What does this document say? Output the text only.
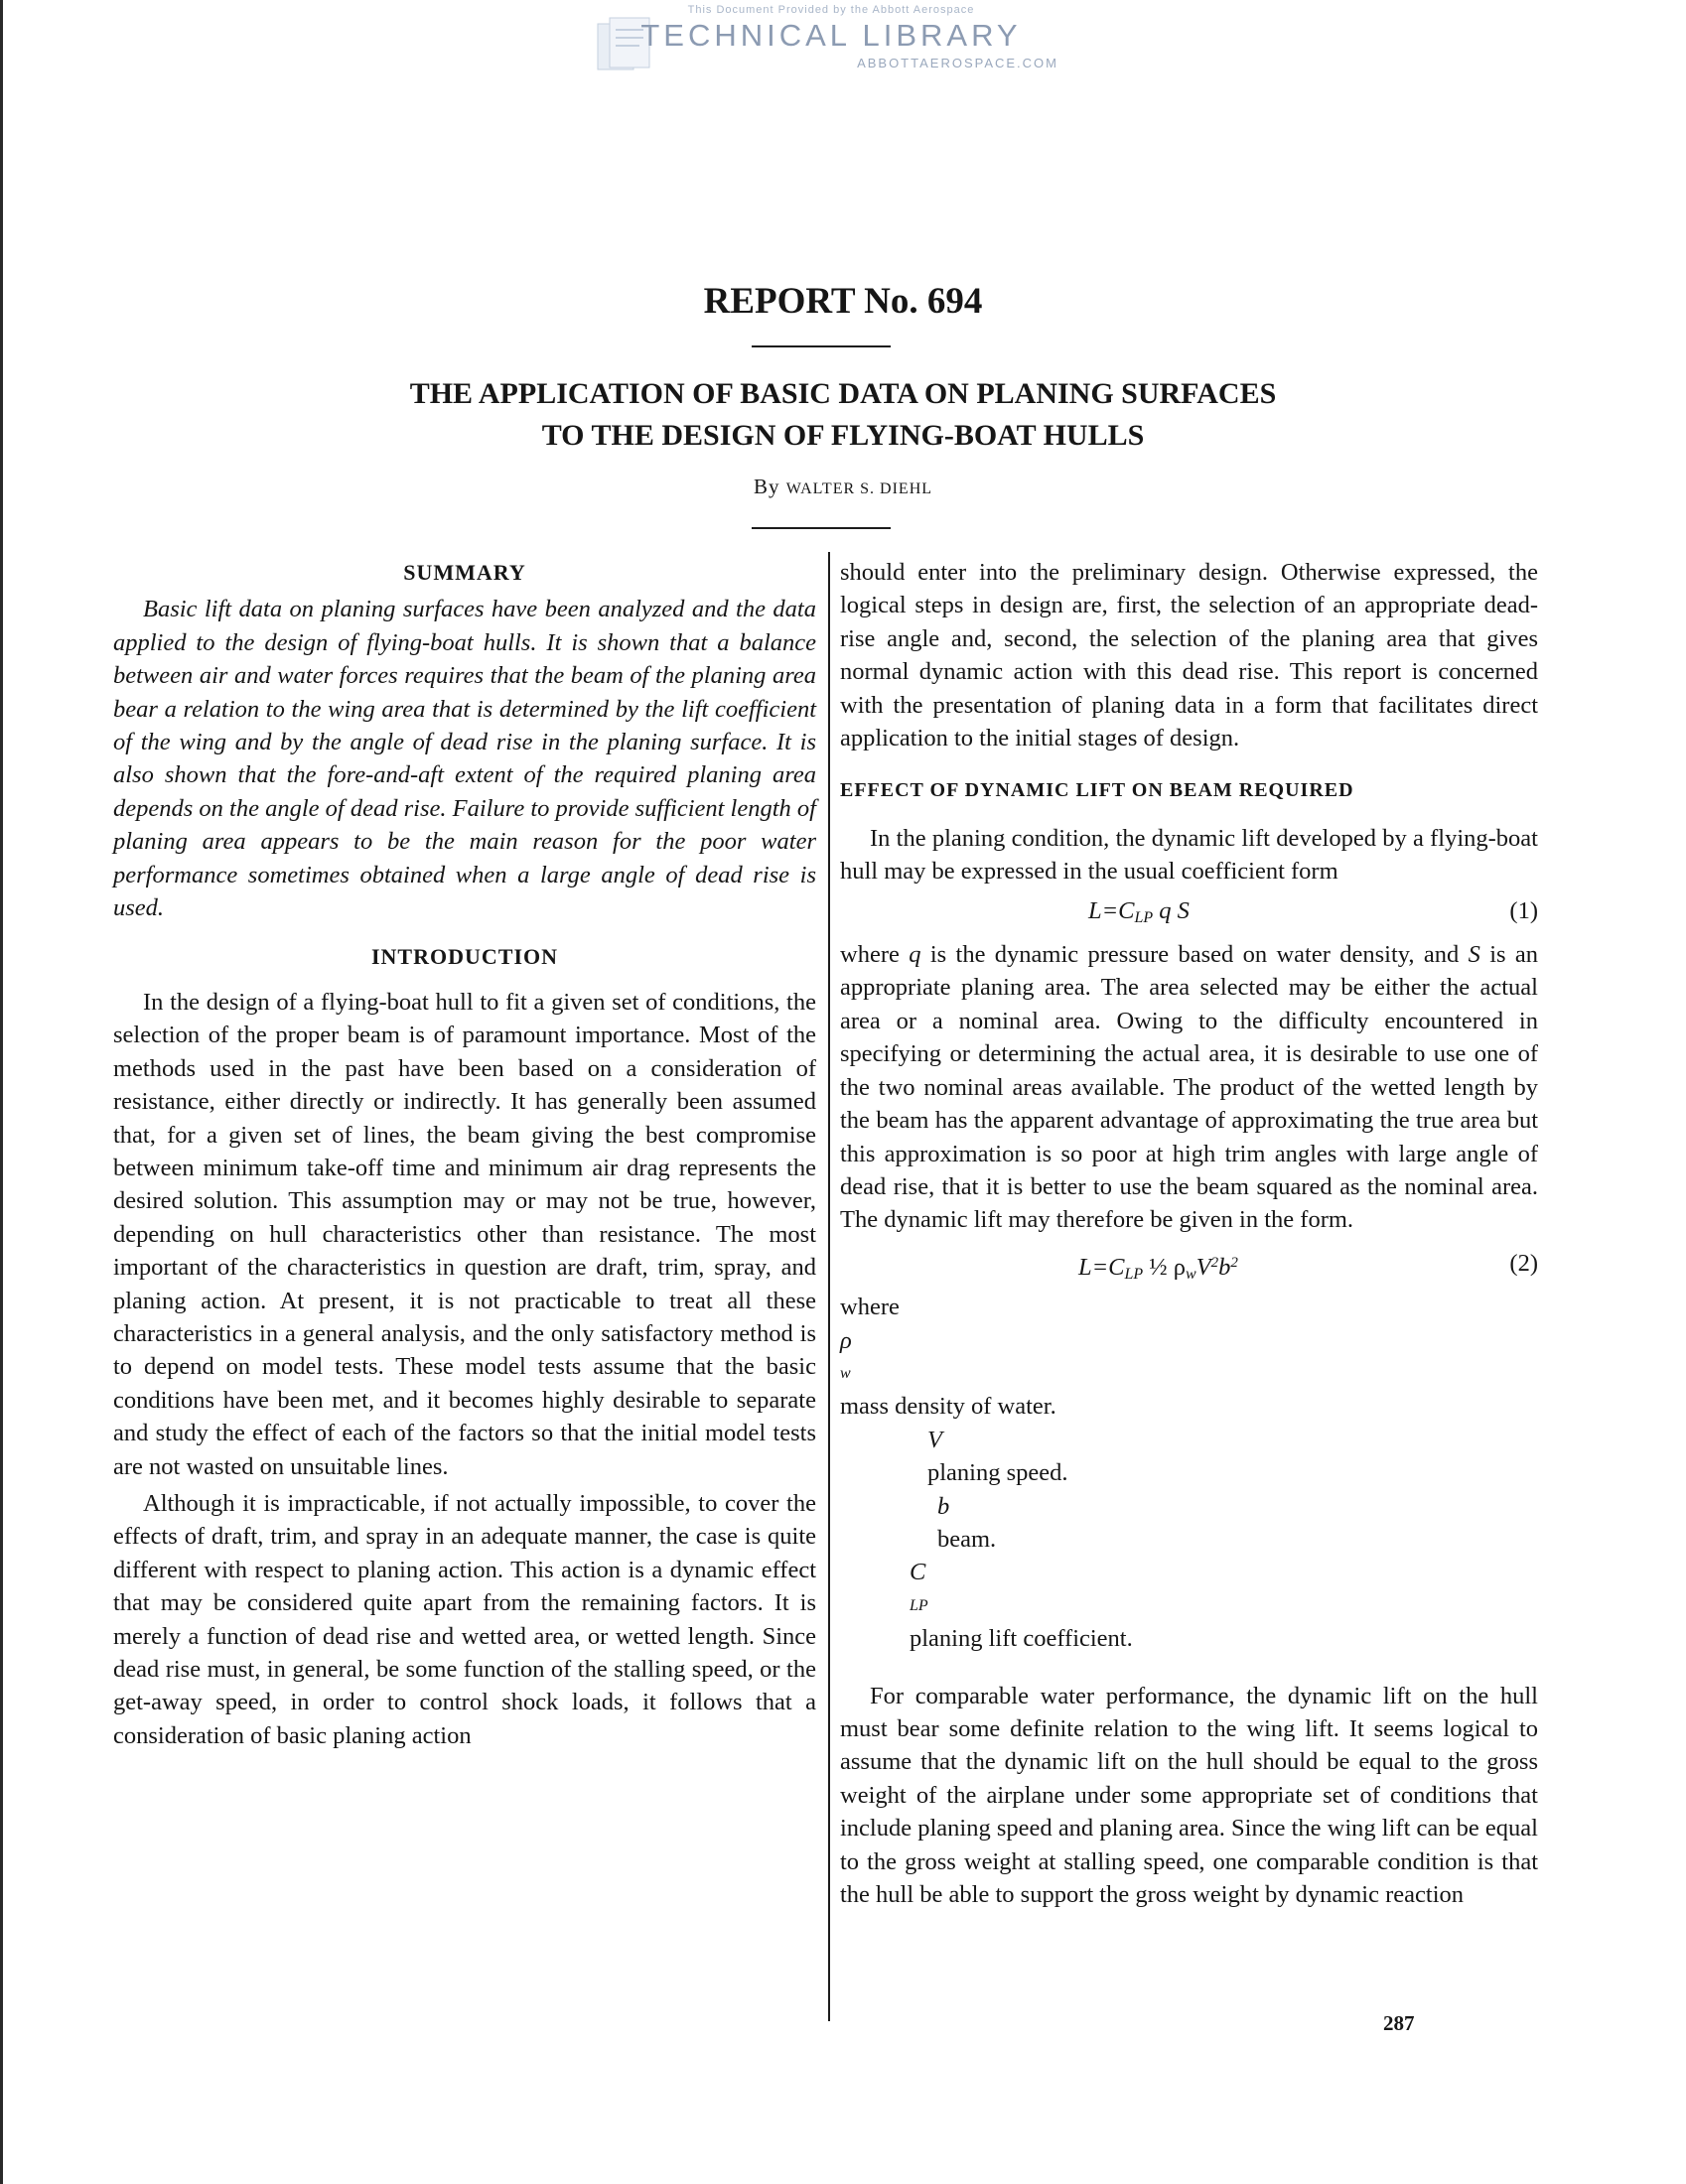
This Document Provided by the Abbott Aerospace
TECHNICAL LIBRARY
ABBOTTAEROSPACE.COM
REPORT No. 694
THE APPLICATION OF BASIC DATA ON PLANING SURFACES
TO THE DESIGN OF FLYING-BOAT HULLS
By WALTER S. DIEHL

SUMMARY

Basic lift data on planing surfaces have been analyzed and the data applied to the design of flying-boat hulls. It is shown that a balance between air and water forces requires that the beam of the planing area bear a relation to the wing area that is determined by the lift coefficient of the wing and by the angle of dead rise in the planing surface. It is also shown that the fore-and-aft extent of the required planing area depends on the angle of dead rise. Failure to provide sufficient length of planing area appears to be the main reason for the poor water performance sometimes obtained when a large angle of dead rise is used.

INTRODUCTION

In the design of a flying-boat hull to fit a given set of conditions, the selection of the proper beam is of paramount importance. Most of the methods used in the past have been based on a consideration of resistance, either directly or indirectly. It has generally been assumed that, for a given set of lines, the beam giving the best compromise between minimum take-off time and minimum air drag represents the desired solution. This assumption may or may not be true, however, depending on hull characteristics other than resistance. The most important of the characteristics in question are draft, trim, spray, and planing action. At present, it is not practicable to treat all these characteristics in a general analysis, and the only satisfactory method is to depend on model tests. These model tests assume that the basic conditions have been met, and it becomes highly desirable to separate and study the effect of each of the factors so that the initial model tests are not wasted on unsuitable lines.

Although it is impracticable, if not actually impossible, to cover the effects of draft, trim, and spray in an adequate manner, the case is quite different with respect to planing action. This action is a dynamic effect that may be considered quite apart from the remaining factors. It is merely a function of dead rise and wetted area, or wetted length. Since dead rise must, in general, be some function of the stalling speed, or the get-away speed, in order to control shock loads, it follows that a consideration of basic planing action

should enter into the preliminary design. Otherwise expressed, the logical steps in design are, first, the selection of an appropriate dead-rise angle and, second, the selection of the planing area that gives normal dynamic action with this dead rise. This report is concerned with the presentation of planing data in a form that facilitates direct application to the initial stages of design.

EFFECT OF DYNAMIC LIFT ON BEAM REQUIRED

In the planing condition, the dynamic lift developed by a flying-boat hull may be expressed in the usual coefficient form

$L=C_{LP}$ q S	(1)

where q is the dynamic pressure based on water density, and S is an appropriate planing area. The area selected may be either the actual area or a nominal area. Owing to the difficulty encountered in specifying or determining the actual area, it is desirable to use one of the two nominal areas available. The product of the wetted length by the beam has the apparent advantage of approximating the true area but this approximation is so poor at high trim angles with large angle of dead rise, that it is better to use the beam squared as the nominal area. The dynamic lift may therefore be given in the form.

$L=C_{LP}$ ½ $\rho_wV^2b^2$	(2)
where
ρ
w
mass density of water.
V
planing speed.
b
beam.
C
LP
planing lift coefficient.

For comparable water performance, the dynamic lift on the hull must bear some definite relation to the wing lift. It seems logical to assume that the dynamic lift on the hull should be equal to the gross weight of the airplane under some appropriate set of conditions that include planing speed and planing area. Since the wing lift can be equal to the gross weight at stalling speed, one comparable condition is that the hull be able to support the gross weight by dynamic reaction

287
